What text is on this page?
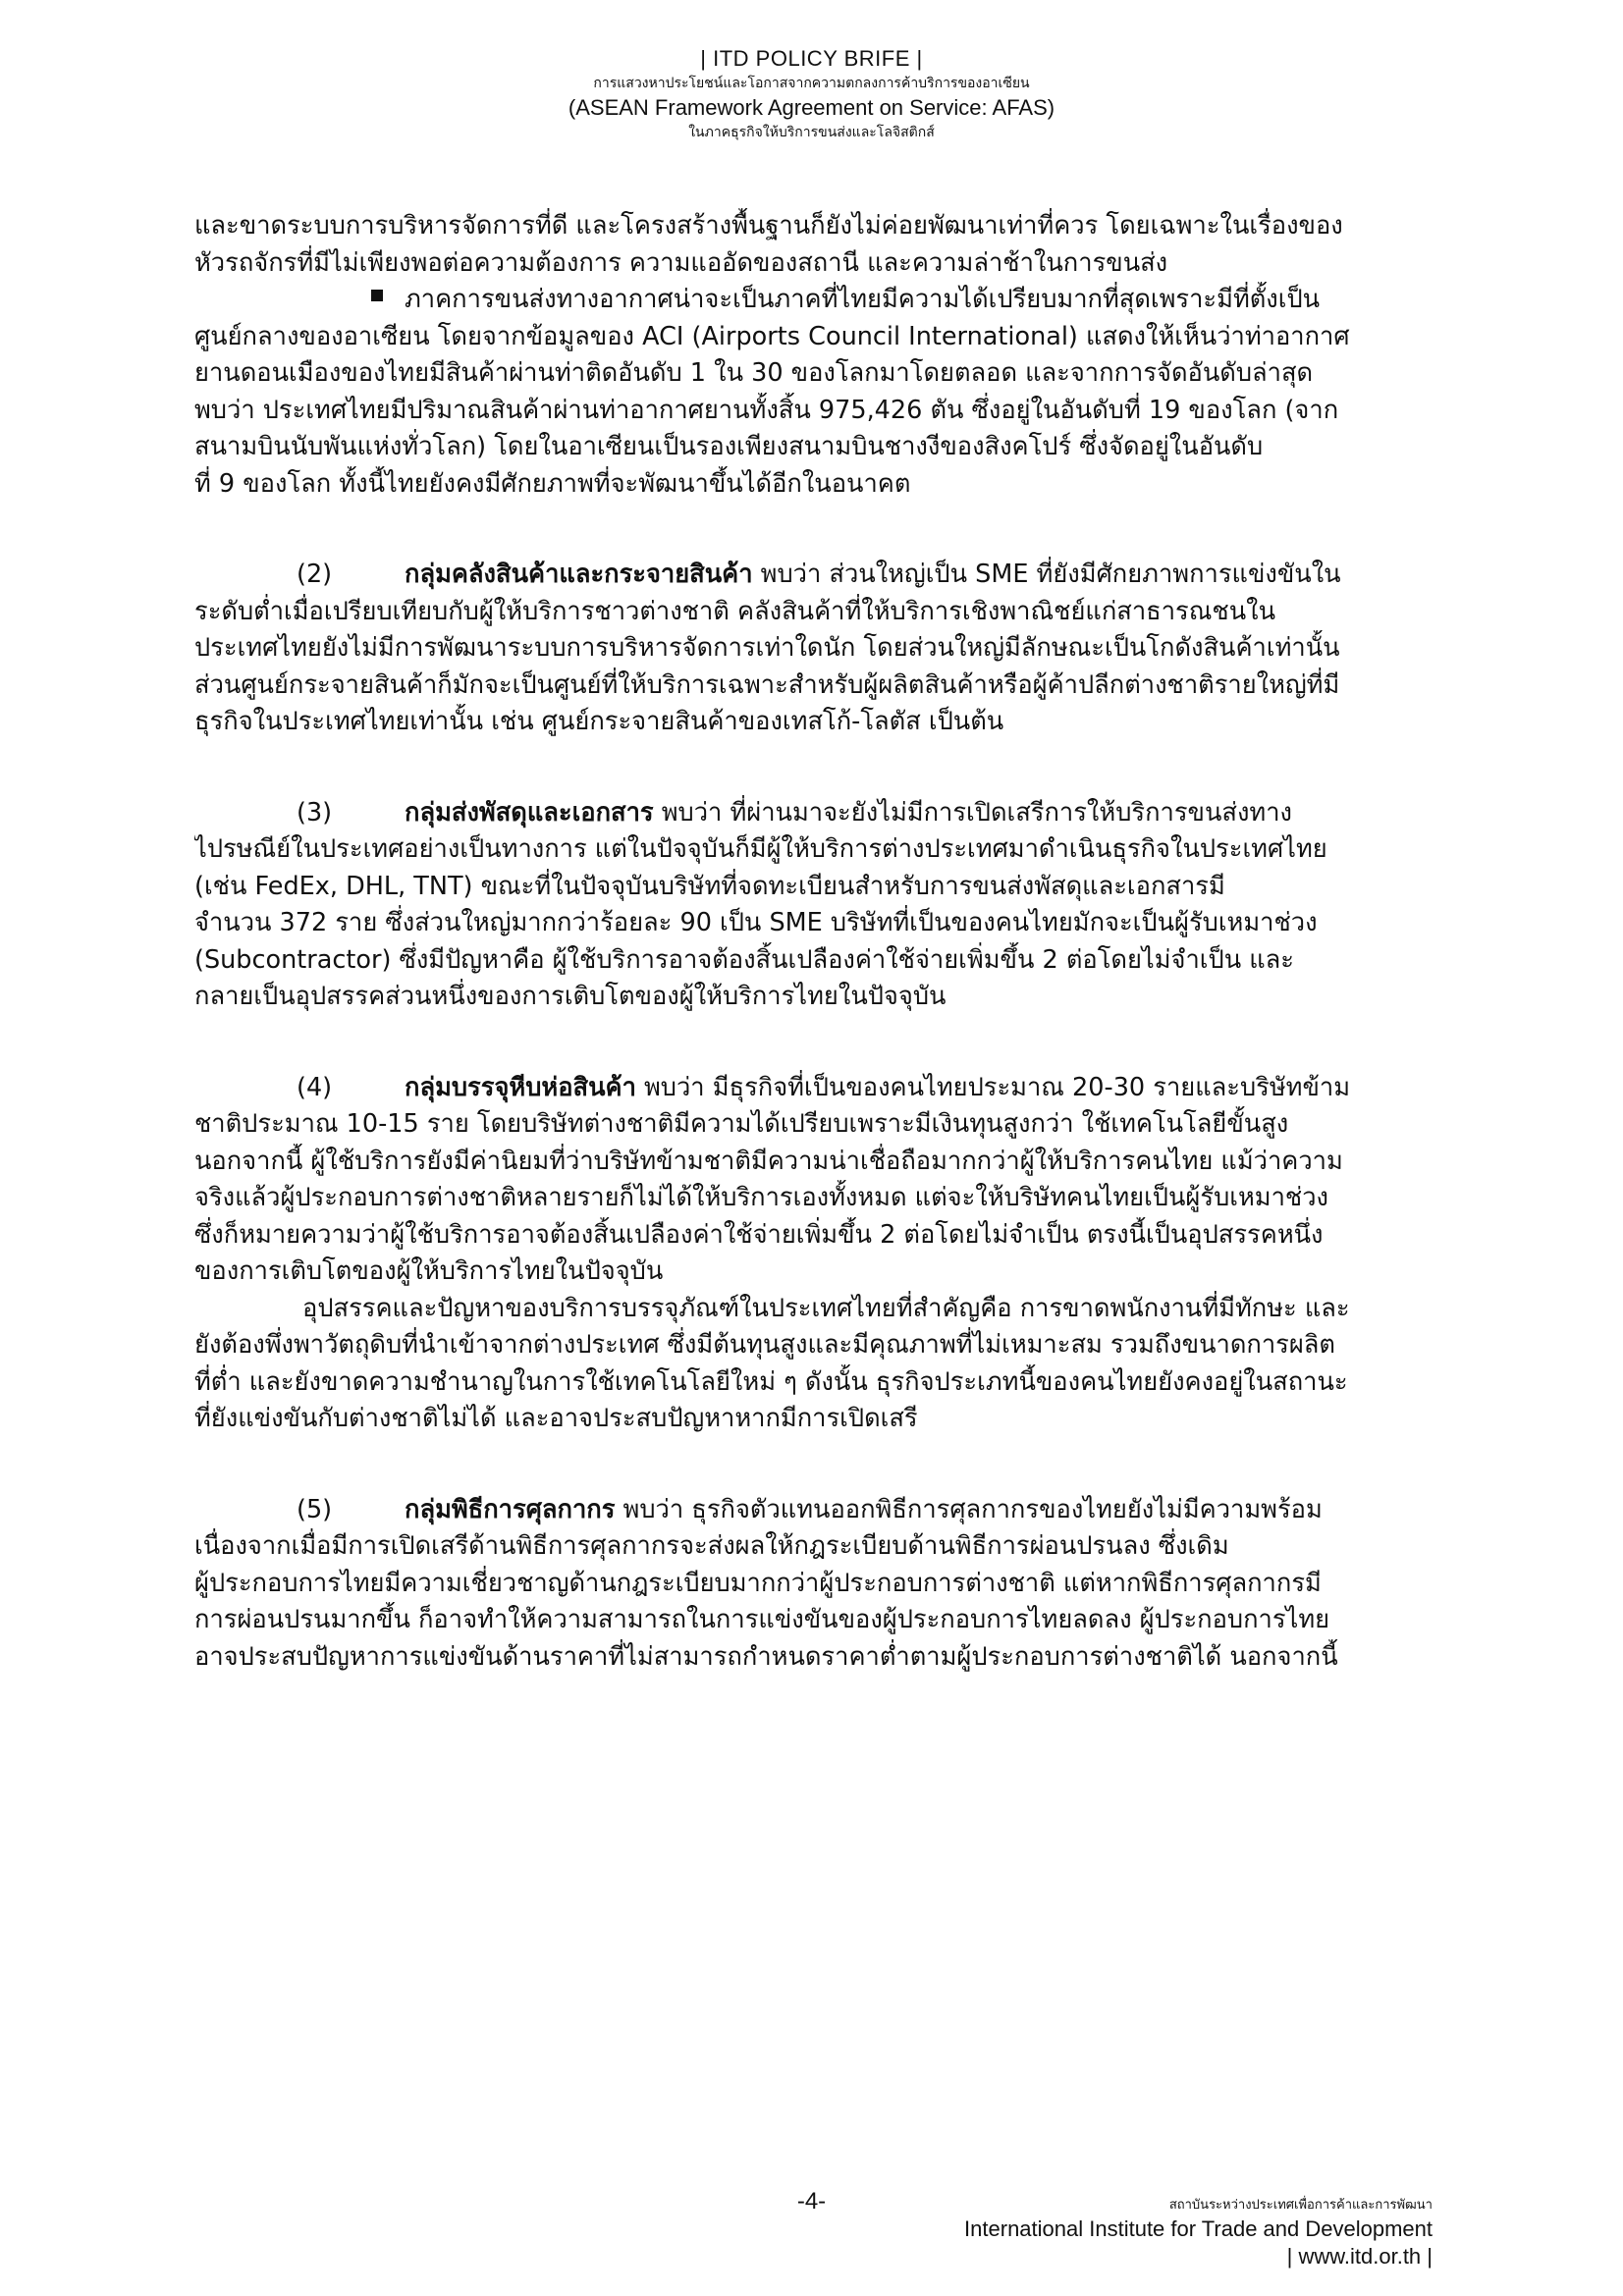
| ITD POLICY BRIFE |
การแสวงหาประโยชน์และโอกาสจากความตกลงการค้าบริการของอาเซียน
(ASEAN Framework Agreement on Service: AFAS)
ในภาคธุรกิจให้บริการขนส่งและโลจิสติกส์
และขาดระบบการบริหารจัดการที่ดี และโครงสร้างพื้นฐานก็ยังไม่ค่อยพัฒนาเท่าที่ควร โดยเฉพาะในเรื่องของ
หัวรถจักรที่มีไม่เพียงพอต่อความต้องการ ความแออัดของสถานี และความล่าช้าในการขนส่ง
ภาคการขนส่งทางอากาศน่าจะเป็นภาคที่ไทยมีความได้เปรียบมากที่สุดเพราะมีที่ตั้งเป็น
ศูนย์กลางของอาเซียน โดยจากข้อมูลของ ACI (Airports Council International) แสดงให้เห็นว่าท่าอากาศ
ยานดอนเมืองของไทยมีสินค้าผ่านท่าติดอันดับ 1 ใน 30 ของโลกมาโดยตลอด และจากการจัดอันดับล่าสุด
พบว่า ประเทศไทยมีปริมาณสินค้าผ่านท่าอากาศยานทั้งสิ้น 975,426 ตัน ซึ่งอยู่ในอันดับที่ 19 ของโลก (จาก
สนามบินนับพันแห่งทั่วโลก) โดยในอาเซียนเป็นรองเพียงสนามบินชางงีของสิงคโปร์ ซึ่งจัดอยู่ในอันดับ
ที่ 9 ของโลก ทั้งนี้ไทยยังคงมีศักยภาพที่จะพัฒนาขึ้นได้อีกในอนาคต
(2)	กลุ่มคลังสินค้าและกระจายสินค้า พบว่า ส่วนใหญ่เป็น SME ที่ยังมีศักยภาพการแข่งขันใน
ระดับต่ำเมื่อเปรียบเทียบกับผู้ให้บริการชาวต่างชาติ คลังสินค้าที่ให้บริการเชิงพาณิชย์แก่สาธารณชนใน
ประเทศไทยยังไม่มีการพัฒนาระบบการบริหารจัดการเท่าใดนัก โดยส่วนใหญ่มีลักษณะเป็นโกดังสินค้าเท่านั้น
ส่วนศูนย์กระจายสินค้าก็มักจะเป็นศูนย์ที่ให้บริการเฉพาะสำหรับผู้ผลิตสินค้าหรือผู้ค้าปลีกต่างชาติรายใหญ่ที่มี
ธุรกิจในประเทศไทยเท่านั้น เช่น ศูนย์กระจายสินค้าของเทสโก้-โลตัส เป็นต้น
(3)	กลุ่มส่งพัสดุและเอกสาร พบว่า ที่ผ่านมาจะยังไม่มีการเปิดเสรีการให้บริการขนส่งทาง
ไปรษณีย์ในประเทศอย่างเป็นทางการ แต่ในปัจจุบันก็มีผู้ให้บริการต่างประเทศมาดำเนินธุรกิจในประเทศไทย
(เช่น FedEx, DHL, TNT) ขณะที่ในปัจจุบันบริษัทที่จดทะเบียนสำหรับการขนส่งพัสดุและเอกสารมี
จำนวน 372 ราย ซึ่งส่วนใหญ่มากกว่าร้อยละ 90 เป็น SME บริษัทที่เป็นของคนไทยมักจะเป็นผู้รับเหมาช่วง
(Subcontractor) ซึ่งมีปัญหาคือ ผู้ใช้บริการอาจต้องสิ้นเปลืองค่าใช้จ่ายเพิ่มขึ้น 2 ต่อโดยไม่จำเป็น และ
กลายเป็นอุปสรรคส่วนหนึ่งของการเติบโตของผู้ให้บริการไทยในปัจจุบัน
(4)	กลุ่มบรรจุหีบห่อสินค้า พบว่า มีธุรกิจที่เป็นของคนไทยประมาณ 20-30 รายและบริษัทข้าม
ชาติประมาณ 10-15 ราย โดยบริษัทต่างชาติมีความได้เปรียบเพราะมีเงินทุนสูงกว่า ใช้เทคโนโลยีขั้นสูง
นอกจากนี้ ผู้ใช้บริการยังมีค่านิยมที่ว่าบริษัทข้ามชาติมีความน่าเชื่อถือมากกว่าผู้ให้บริการคนไทย แม้ว่าความ
จริงแล้วผู้ประกอบการต่างชาติหลายรายก็ไม่ได้ให้บริการเองทั้งหมด แต่จะให้บริษัทคนไทยเป็นผู้รับเหมาช่วง
ซึ่งก็หมายความว่าผู้ใช้บริการอาจต้องสิ้นเปลืองค่าใช้จ่ายเพิ่มขึ้น 2 ต่อโดยไม่จำเป็น ตรงนี้เป็นอุปสรรคหนึ่ง
ของการเติบโตของผู้ให้บริการไทยในปัจจุบัน
อุปสรรคและปัญหาของบริการบรรจุภัณฑ์ในประเทศไทยที่สำคัญคือ การขาดพนักงานที่มีทักษะ และ
ยังต้องพึ่งพาวัตถุดิบที่นำเข้าจากต่างประเทศ ซึ่งมีต้นทุนสูงและมีคุณภาพที่ไม่เหมาะสม รวมถึงขนาดการผลิต
ที่ต่ำ และยังขาดความชำนาญในการใช้เทคโนโลยีใหม่ ๆ ดังนั้น ธุรกิจประเภทนี้ของคนไทยยังคงอยู่ในสถานะ
ที่ยังแข่งขันกับต่างชาติไม่ได้ และอาจประสบปัญหาหากมีการเปิดเสรี
(5)	กลุ่มพิธีการศุลกากร พบว่า ธุรกิจตัวแทนออกพิธีการศุลกากรของไทยยังไม่มีความพร้อม
เนื่องจากเมื่อมีการเปิดเสรีด้านพิธีการศุลกากรจะส่งผลให้กฎระเบียบด้านพิธีการผ่อนปรนลง ซึ่งเดิม
ผู้ประกอบการไทยมีความเชี่ยวชาญด้านกฎระเบียบมากกว่าผู้ประกอบการต่างชาติ แต่หากพิธีการศุลกากรมี
การผ่อนปรนมากขึ้น ก็อาจทำให้ความสามารถในการแข่งขันของผู้ประกอบการไทยลดลง ผู้ประกอบการไทย
อาจประสบปัญหาการแข่งขันด้านราคาที่ไม่สามารถกำหนดราคาต่ำตามผู้ประกอบการต่างชาติได้ นอกจากนี้
-4-	สถาบันระหว่างประเทศเพื่อการค้าและการพัฒนา
International Institute for Trade and Development
| www.itd.or.th |
